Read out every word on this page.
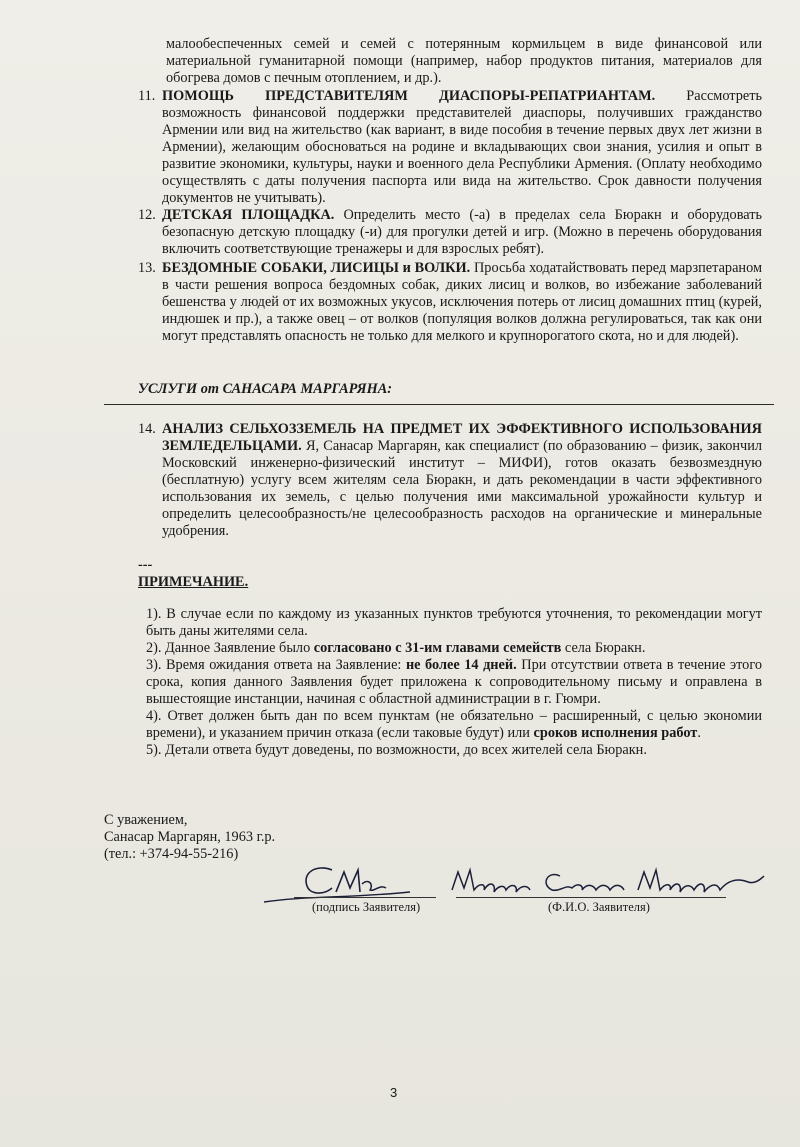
малообеспеченных семей и семей с потерянным кормильцем в виде финансовой или материальной гуманитарной помощи (например, набор продуктов питания, материалов для обогрева домов с печным отоплением, и др.).

11. ПОМОЩЬ ПРЕДСТАВИТЕЛЯМ ДИАСПОРЫ-РЕПАТРИАНТАМ. Рассмотреть возможность финансовой поддержки представителей диаспоры, получивших гражданство Армении или вид на жительство (как вариант, в виде пособия в течение первых двух лет жизни в Армении), желающим обосноваться на родине и вкладывающих свои знания, усилия и опыт в развитие экономики, культуры, науки и военного дела Республики Армения. (Оплату необходимо осуществлять с даты получения паспорта или вида на жительство. Срок давности получения документов не учитывать).
12. ДЕТСКАЯ ПЛОЩАДКА. Определить место (-а) в пределах села Бюракн и оборудовать безопасную детскую площадку (-и) для прогулки детей и игр. (Можно в перечень оборудования включить соответствующие тренажеры и для взрослых ребят).
13. БЕЗДОМНЫЕ СОБАКИ, ЛИСИЦЫ и ВОЛКИ. Просьба ходатайствовать перед марзпетараном в части решения вопроса бездомных собак, диких лисиц и волков, во избежание заболеваний бешенства у людей от их возможных укусов, исключения потерь от лисиц домашних птиц (курей, индюшек и пр.), а также овец – от волков (популяция волков должна регулироваться, так как они могут представлять опасность не только для мелкого и крупнорогатого скота, но и для людей).
УСЛУГИ от САНАСАРА МАРГАРЯНА:
14. АНАЛИЗ СЕЛЬХОЗЗЕМЕЛЬ НА ПРЕДМЕТ ИХ ЭФФЕКТИВНОГО ИСПОЛЬЗОВАНИЯ ЗЕМЛЕДЕЛЬЦАМИ. Я, Санасар Маргарян, как специалист (по образованию – физик, закончил Московский инженерно-физический институт – МИФИ), готов оказать безвозмездную (бесплатную) услугу всем жителям села Бюракн, и дать рекомендации в части эффективного использования их земель, с целью получения ими максимальной урожайности культур и определить целесообразность/не целесообразность расходов на органические и минеральные удобрения.
---
ПРИМЕЧАНИЕ.

1). В случае если по каждому из указанных пунктов требуются уточнения, то рекомендации могут быть даны жителями села.

2). Данное Заявление было согласовано с 31-им главами семейств села Бюракн.

3). Время ожидания ответа на Заявление: не более 14 дней. При отсутствии ответа в течение этого срока, копия данного Заявления будет приложена к сопроводительному письму и оправлена в вышестоящие инстанции, начиная с областной администрации в г. Гюмри.

4). Ответ должен быть дан по всем пунктам (не обязательно – расширенный, с целью экономии времени), и указанием причин отказа (если таковые будут) или сроков исполнения работ.

5). Детали ответа будут доведены, по возможности, до всех жителей села Бюракн.

С уважением,
Санасар Маргарян, 1963 г.р.
(тел.: +374-94-55-216)
(подпись Заявителя)	(Ф.И.О. Заявителя)
3
